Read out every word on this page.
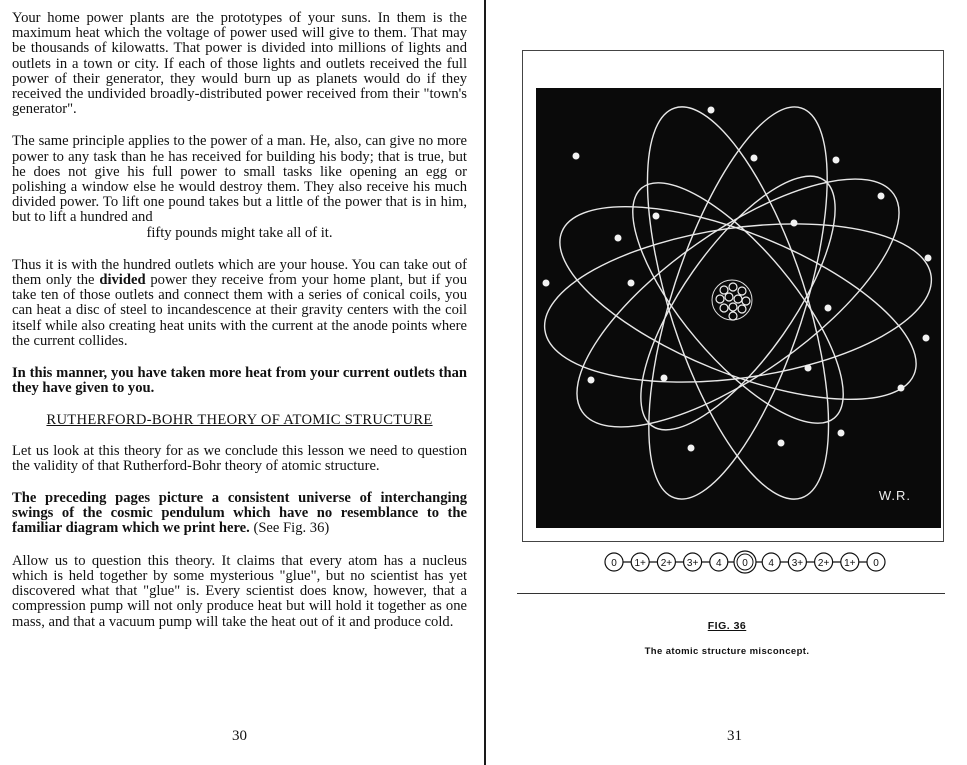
Your home power plants are the prototypes of your suns. In them is the maximum heat which the voltage of power used will give to them. That may be thousands of kilowatts. That power is divided into millions of lights and outlets in a town or city. If each of those lights and outlets received the full power of their generator, they would burn up as planets would do if they received the undivided broadly-distributed power received from their "town's generator".

The same principle applies to the power of a man. He, also, can give no more power to any task than he has received for building his body; that is true, but he does not give his full power to small tasks like opening an egg or polishing a window else he would destroy them. They also receive his much divided power. To lift one pound takes but a little of the power that is in him, but to lift a hundred and
fifty pounds might take all of it.

Thus it is with the hundred outlets which are your house. You can take out of them only the divided power they receive from your home plant, but if you take ten of those outlets and connect them with a series of conical coils, you can heat a disc of steel to incandescence at their gravity centers with the coil itself while also creating heat units with the current at the anode points where the current collides.

In this manner, you have taken more heat from your current outlets than they have given to you.

RUTHERFORD-BOHR THEORY OF ATOMIC STRUCTURE

Let us look at this theory for as we conclude this lesson we need to question the validity of that Rutherford-Bohr theory of atomic structure.

The preceding pages picture a consistent universe of interchanging swings of the cosmic pendulum which have no resemblance to the familiar diagram which we print here. (See Fig. 36)

Allow us to question this theory. It claims that every atom has a nucleus which is held together by some mysterious "glue", but no scientist has yet discovered what that "glue" is. Every scientist does know, however, that a compression pump will not only produce heat but will hold it together as one mass, and that a vacuum pump will take the heat out of it and produce cold.

30
W.R.
0 1+ 2+ 3+ 4 0 4 3+ 2+ 1+ 0
FIG. 36
The atomic structure misconcept.
31
